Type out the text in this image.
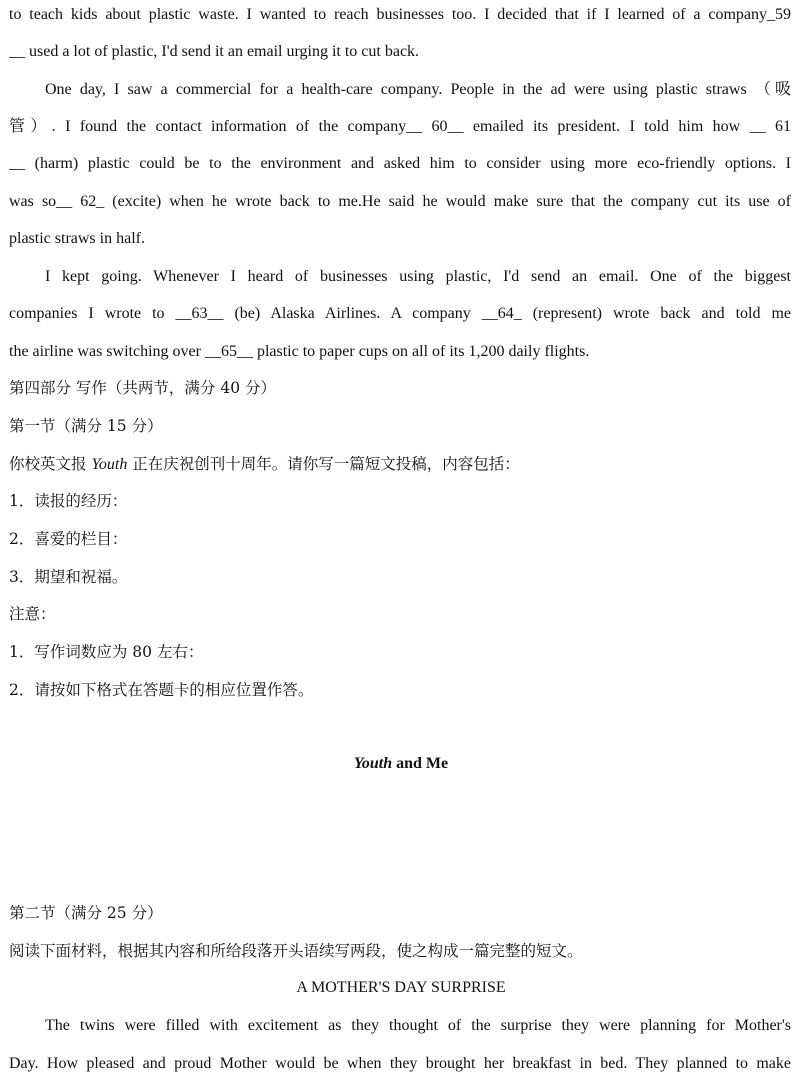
to teach kids about plastic waste. I wanted to reach businesses too. I decided that if I learned of a company_59
__ used a lot of plastic, I'd send it an email urging it to cut back.
One day, I saw a commercial for a health-care company. People in the ad were using plastic straws （吸
管）. I found the contact information of the company__ 60__ emailed its president. I told him how __ 61
__ (harm) plastic could be to the environment and asked him to consider using more eco-friendly options. I
was so__ 62_ (excite) when he wrote back to me.He said he would make sure that the company cut its use of
plastic straws in half.
I kept going. Whenever I heard of businesses using plastic, I'd send an email. One of the biggest
companies I wrote to __63__ (be) Alaska Airlines. A company __64_ (represent) wrote back and told me
the airline was switching over __65__ plastic to paper cups on all of its 1,200 daily flights.
第四部分 写作（共两节，满分 40 分）
第一节（满分 15 分）
你校英文报 Youth 正在庆祝创刊十周年。请你写一篇短文投稿，内容包括：
1．读报的经历：
2．喜爱的栏目：
3．期望和祝福。
注意：
1．写作词数应为 80 左右：
2．请按如下格式在答题卡的相应位置作答。
Youth and Me
第二节（满分 25 分）
阅读下面材料，根据其内容和所给段落开头语续写两段，使之构成一篇完整的短文。
A MOTHER'S DAY SURPRISE
The twins were filled with excitement as they thought of the surprise they were planning for Mother's
Day. How pleased and proud Mother would be when they brought her breakfast in bed. They planned to make
